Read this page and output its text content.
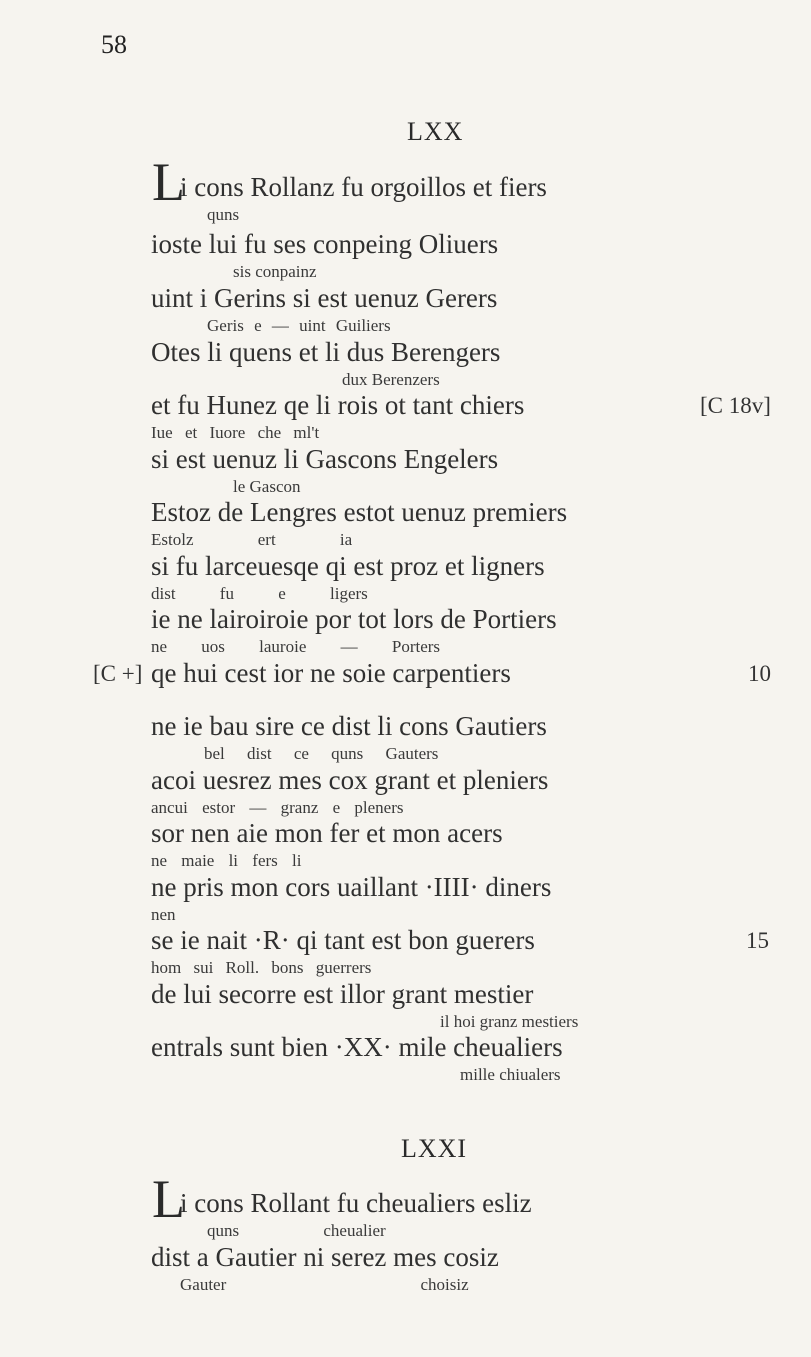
58
LXX
L
i cons Rollanz fu orgoillos et fiers
quns
ioste lui fu ses conpeing Oliuers
sis conpainz
uint i Gerins si est uenuz Gerers
Geris e — uint Guiliers
Otes li quens et li dus Berengers
dux Berenzers
et fu Hunez qe li rois ot tant chiers
Iue et Iuore che ml't
[C 18v]
si est uenuz li Gascons Engelers
le Gascon
Estoz de Lengres estot uenuz premiers
Estolz ert ia
si fu larceuesqe qi est proz et ligners
dist fu e ligers
ie ne lairoiroie por tot lors de Portiers
ne uos lauroie — Porters
qe hui cest ior ne soie carpentiers
[C +]	10
ne ie bau sire ce dist li cons Gautiers
bel dist ce quns Gauters
acoi uesrez mes cox grant et pleniers
ancui estor — granz e pleners
sor nen aie mon fer et mon acers
ne maie li fers li
ne pris mon cors uaillant ·IIII· diners
nen
se ie nait ·R· qi tant est bon guerers
hom sui Roll. bons guerrers
15
de lui secorre est illor grant mestier
il hoi granz mestiers
entrals sunt bien ·XX· mile cheualiers
mille chiualers
LXXI
L
i cons Rollant fu cheualiers esliz
quns cheualier
dist a Gautier ni serez mes cosiz
Gauter choisiz
